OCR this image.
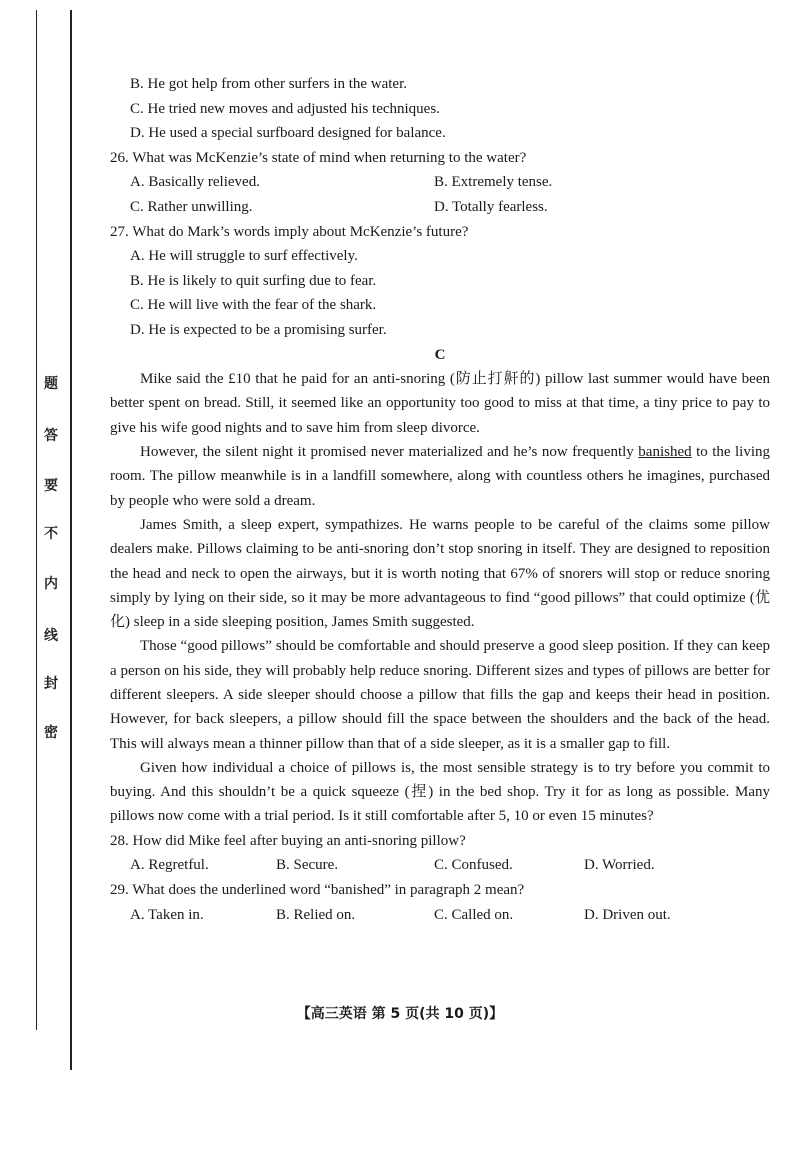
题
答
要
不
内
线
封
密
B. He got help from other surfers in the water.
C. He tried new moves and adjusted his techniques.
D. He used a special surfboard designed for balance.
26. What was McKenzie’s state of mind when returning to the water?
A. Basically relieved.	B. Extremely tense.
C. Rather unwilling.	D. Totally fearless.
27. What do Mark’s words imply about McKenzie’s future?
A. He will struggle to surf effectively.
B. He is likely to quit surfing due to fear.
C. He will live with the fear of the shark.
D. He is expected to be a promising surfer.
C

Mike said the £10 that he paid for an anti-snoring (防止打鼾的) pillow last summer would have been better spent on bread. Still, it seemed like an opportunity too good to miss at that time, a tiny price to pay to give his wife good nights and to save him from sleep divorce.

However, the silent night it promised never materialized and he’s now frequently banished to the living room. The pillow meanwhile is in a landfill somewhere, along with countless others he imagines, purchased by people who were sold a dream.

James Smith, a sleep expert, sympathizes. He warns people to be careful of the claims some pillow dealers make. Pillows claiming to be anti-snoring don’t stop snoring in itself. They are designed to reposition the head and neck to open the airways, but it is worth noting that 67% of snorers will stop or reduce snoring simply by lying on their side, so it may be more advantageous to find “good pillows” that could optimize (优化) sleep in a side sleeping position, James Smith suggested.

Those “good pillows” should be comfortable and should preserve a good sleep position. If they can keep a person on his side, they will probably help reduce snoring. Different sizes and types of pillows are better for different sleepers. A side sleeper should choose a pillow that fills the gap and keeps their head in position. However, for back sleepers, a pillow should fill the space between the shoulders and the back of the head. This will always mean a thinner pillow than that of a side sleeper, as it is a smaller gap to fill.

Given how individual a choice of pillows is, the most sensible strategy is to try before you commit to buying. And this shouldn’t be a quick squeeze (捏) in the bed shop. Try it for as long as possible. Many pillows now come with a trial period. Is it still comfortable after 5, 10 or even 15 minutes?

28. How did Mike feel after buying an anti-snoring pillow?
A. Regretful.	B. Secure.	C. Confused.	D. Worried.
29. What does the underlined word “banished” in paragraph 2 mean?
A. Taken in.	B. Relied on.	C. Called on.	D. Driven out.
【高三英语 第 5 页(共 10 页)】
